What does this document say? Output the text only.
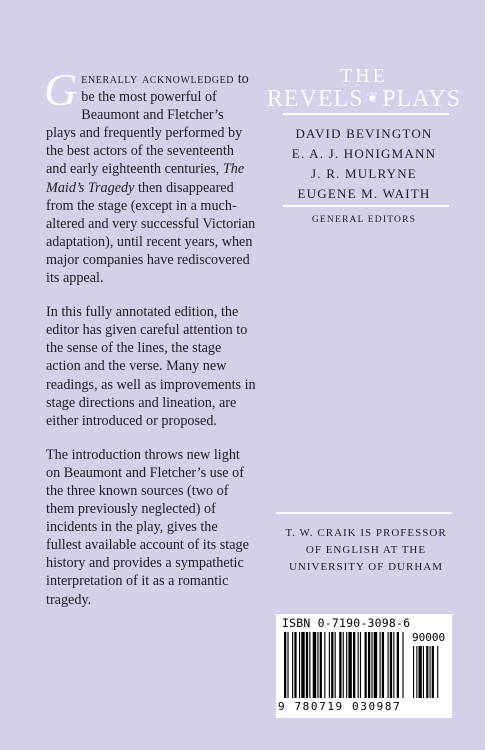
Generally acknowledged to be the most powerful of Beaumont and Fletcher’s plays and frequently performed by the best actors of the seventeenth and early eighteenth centuries, The Maid’s Tragedy then disappeared from the stage (except in a much-altered and very successful Victorian adaptation), until recent years, when major companies have rediscovered its appeal.

In this fully annotated edition, the editor has given careful attention to the sense of the lines, the stage action and the verse. Many new readings, as well as improvements in stage directions and lineation, are either introduced or proposed.

The introduction throws new light on Beaumont and Fletcher’s use of the three known sources (two of them previously neglected) of incidents in the play, gives the fullest available account of its stage history and provides a sympathetic interpretation of it as a romantic tragedy.

THE
REVELS ❦ PLAYS
DAVID BEVINGTON
E. A. J. HONIGMANN
J. R. MULRYNE
EUGENE M. WAITH
GENERAL EDITORS
T. W. CRAIK IS PROFESSOR
OF ENGLISH AT THE
UNIVERSITY OF DURHAM
ISBN 0-7190-3098-6
90000
9 780719 030987
